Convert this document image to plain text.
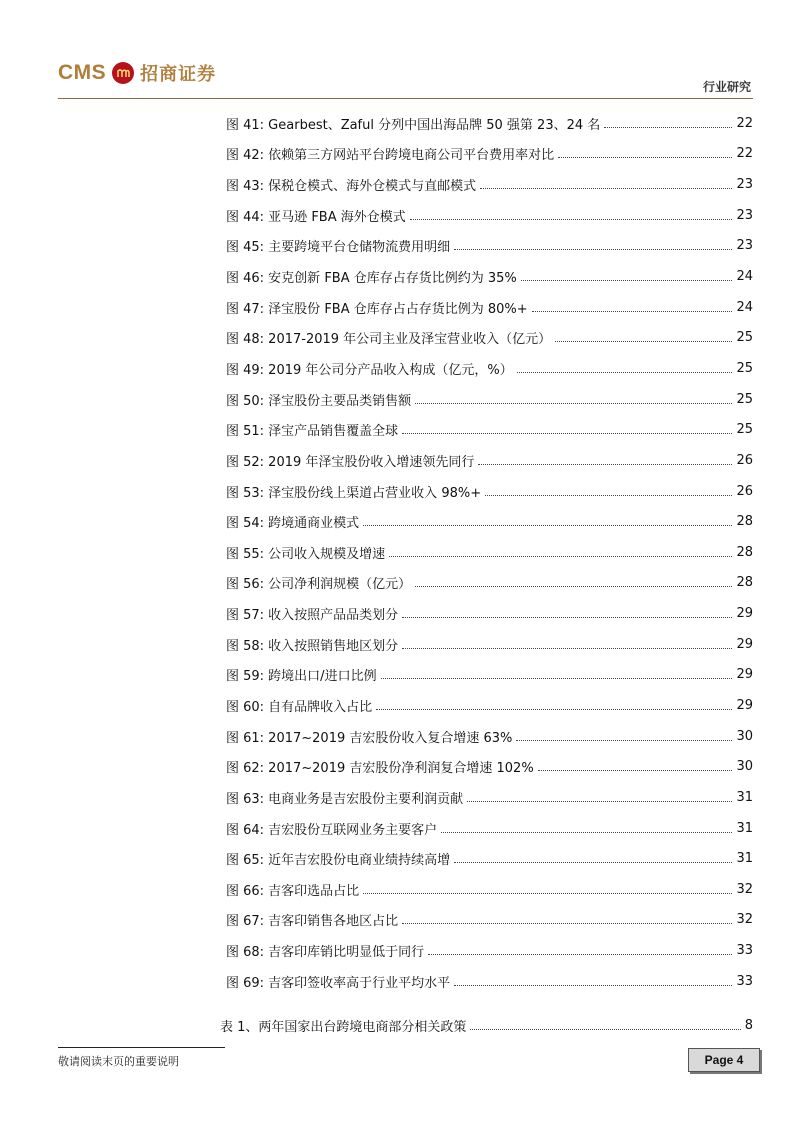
CMS 招商证券
行业研究
图 41: Gearbest、Zaful 分列中国出海品牌 50 强第 23、24 名	22
图 42: 依赖第三方网站平台跨境电商公司平台费用率对比	22
图 43: 保税仓模式、海外仓模式与直邮模式	23
图 44: 亚马逊 FBA 海外仓模式	23
图 45: 主要跨境平台仓储物流费用明细	23
图 46: 安克创新 FBA 仓库存占存货比例约为 35%	24
图 47: 泽宝股份 FBA 仓库存占占存货比例为 80%+	24
图 48: 2017-2019 年公司主业及泽宝营业收入（亿元）	25
图 49: 2019 年公司分产品收入构成（亿元，%）	25
图 50: 泽宝股份主要品类销售额	25
图 51: 泽宝产品销售覆盖全球	25
图 52: 2019 年泽宝股份收入增速领先同行	26
图 53: 泽宝股份线上渠道占营业收入 98%+	26
图 54: 跨境通商业模式	28
图 55: 公司收入规模及增速	28
图 56: 公司净利润规模（亿元）	28
图 57: 收入按照产品品类划分	29
图 58: 收入按照销售地区划分	29
图 59: 跨境出口/进口比例	29
图 60: 自有品牌收入占比	29
图 61: 2017~2019 吉宏股份收入复合增速 63%	30
图 62: 2017~2019 吉宏股份净利润复合增速 102%	30
图 63: 电商业务是吉宏股份主要利润贡献	31
图 64: 吉宏股份互联网业务主要客户	31
图 65: 近年吉宏股份电商业绩持续高增	31
图 66: 吉客印选品占比	32
图 67: 吉客印销售各地区占比	32
图 68: 吉客印库销比明显低于同行	33
图 69: 吉客印签收率高于行业平均水平	33
表 1、两年国家出台跨境电商部分相关政策	8
敬请阅读末页的重要说明	Page 4
